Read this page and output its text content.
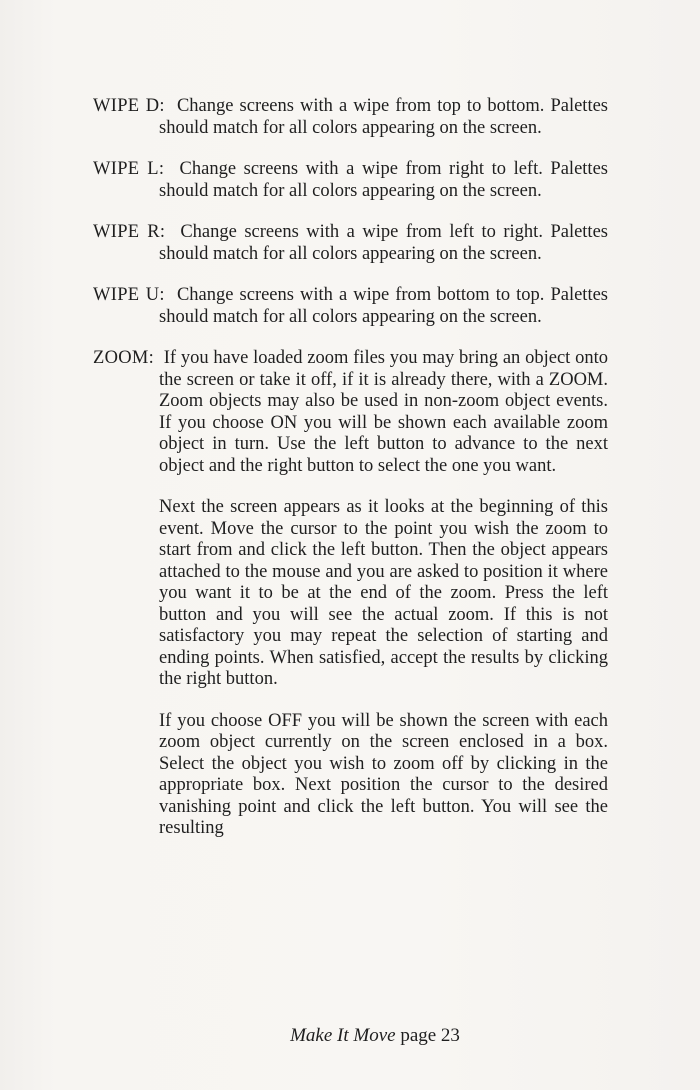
WIPE D: Change screens with a wipe from top to bottom. Palettes should match for all colors appearing on the screen.

WIPE L: Change screens with a wipe from right to left. Palettes should match for all colors appearing on the screen.

WIPE R: Change screens with a wipe from left to right. Palettes should match for all colors appearing on the screen.

WIPE U: Change screens with a wipe from bottom to top. Palettes should match for all colors appearing on the screen.

ZOOM: If you have loaded zoom files you may bring an object onto the screen or take it off, if it is already there, with a ZOOM. Zoom objects may also be used in non-zoom object events. If you choose ON you will be shown each available zoom object in turn. Use the left button to advance to the next object and the right button to select the one you want.

Next the screen appears as it looks at the beginning of this event. Move the cursor to the point you wish the zoom to start from and click the left button. Then the object appears attached to the mouse and you are asked to position it where you want it to be at the end of the zoom. Press the left button and you will see the actual zoom. If this is not satisfactory you may repeat the selection of starting and ending points. When satisfied, accept the results by clicking the right button.

If you choose OFF you will be shown the screen with each zoom object currently on the screen enclosed in a box. Select the object you wish to zoom off by clicking in the appropriate box. Next position the cursor to the desired vanishing point and click the left button. You will see the resulting

Make It Move page 23
